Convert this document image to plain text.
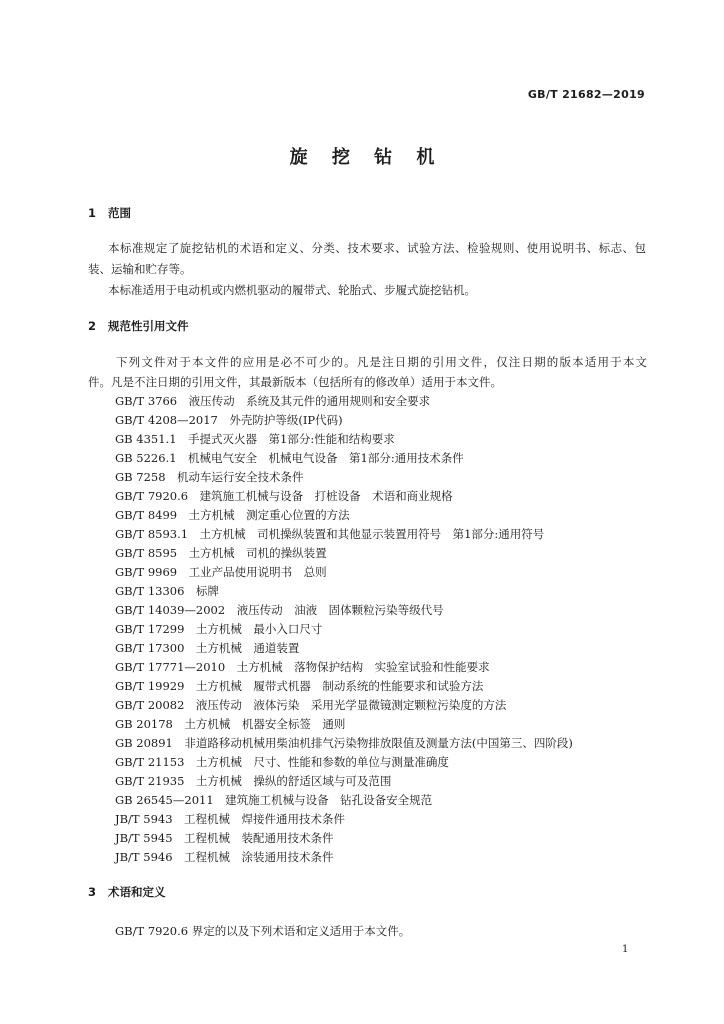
GB/T 21682—2019
旋 挖 钻 机
1 范围
本标准规定了旋挖钻机的术语和定义、分类、技术要求、试验方法、检验规则、使用说明书、标志、包
装、运输和贮存等。
本标准适用于电动机或内燃机驱动的履带式、轮胎式、步履式旋挖钻机。
2 规范性引用文件
下列文件对于本文件的应用是必不可少的。凡是注日期的引用文件，仅注日期的版本适用于本文
件。凡是不注日期的引用文件，其最新版本（包括所有的修改单）适用于本文件。
GB/T 3766　液压传动　系统及其元件的通用规则和安全要求
GB/T 4208—2017　外壳防护等级(IP代码)
GB 4351.1　手提式灭火器　第1部分:性能和结构要求
GB 5226.1　机械电气安全　机械电气设备　第1部分:通用技术条件
GB 7258　机动车运行安全技术条件
GB/T 7920.6　建筑施工机械与设备　打桩设备　术语和商业规格
GB/T 8499　土方机械　测定重心位置的方法
GB/T 8593.1　土方机械　司机操纵装置和其他显示装置用符号　第1部分:通用符号
GB/T 8595　土方机械　司机的操纵装置
GB/T 9969　工业产品使用说明书　总则
GB/T 13306　标牌
GB/T 14039—2002　液压传动　油液　固体颗粒污染等级代号
GB/T 17299　土方机械　最小入口尺寸
GB/T 17300　土方机械　通道装置
GB/T 17771—2010　土方机械　落物保护结构　实验室试验和性能要求
GB/T 19929　土方机械　履带式机器　制动系统的性能要求和试验方法
GB/T 20082　液压传动　液体污染　采用光学显微镜测定颗粒污染度的方法
GB 20178　土方机械　机器安全标签　通则
GB 20891　非道路移动机械用柴油机排气污染物排放限值及测量方法(中国第三、四阶段)
GB/T 21153　土方机械　尺寸、性能和参数的单位与测量准确度
GB/T 21935　土方机械　操纵的舒适区域与可及范围
GB 26545—2011　建筑施工机械与设备　钻孔设备安全规范
JB/T 5943　工程机械　焊接件通用技术条件
JB/T 5945　工程机械　装配通用技术条件
JB/T 5946　工程机械　涂装通用技术条件
3 术语和定义
GB/T 7920.6 界定的以及下列术语和定义适用于本文件。
1
